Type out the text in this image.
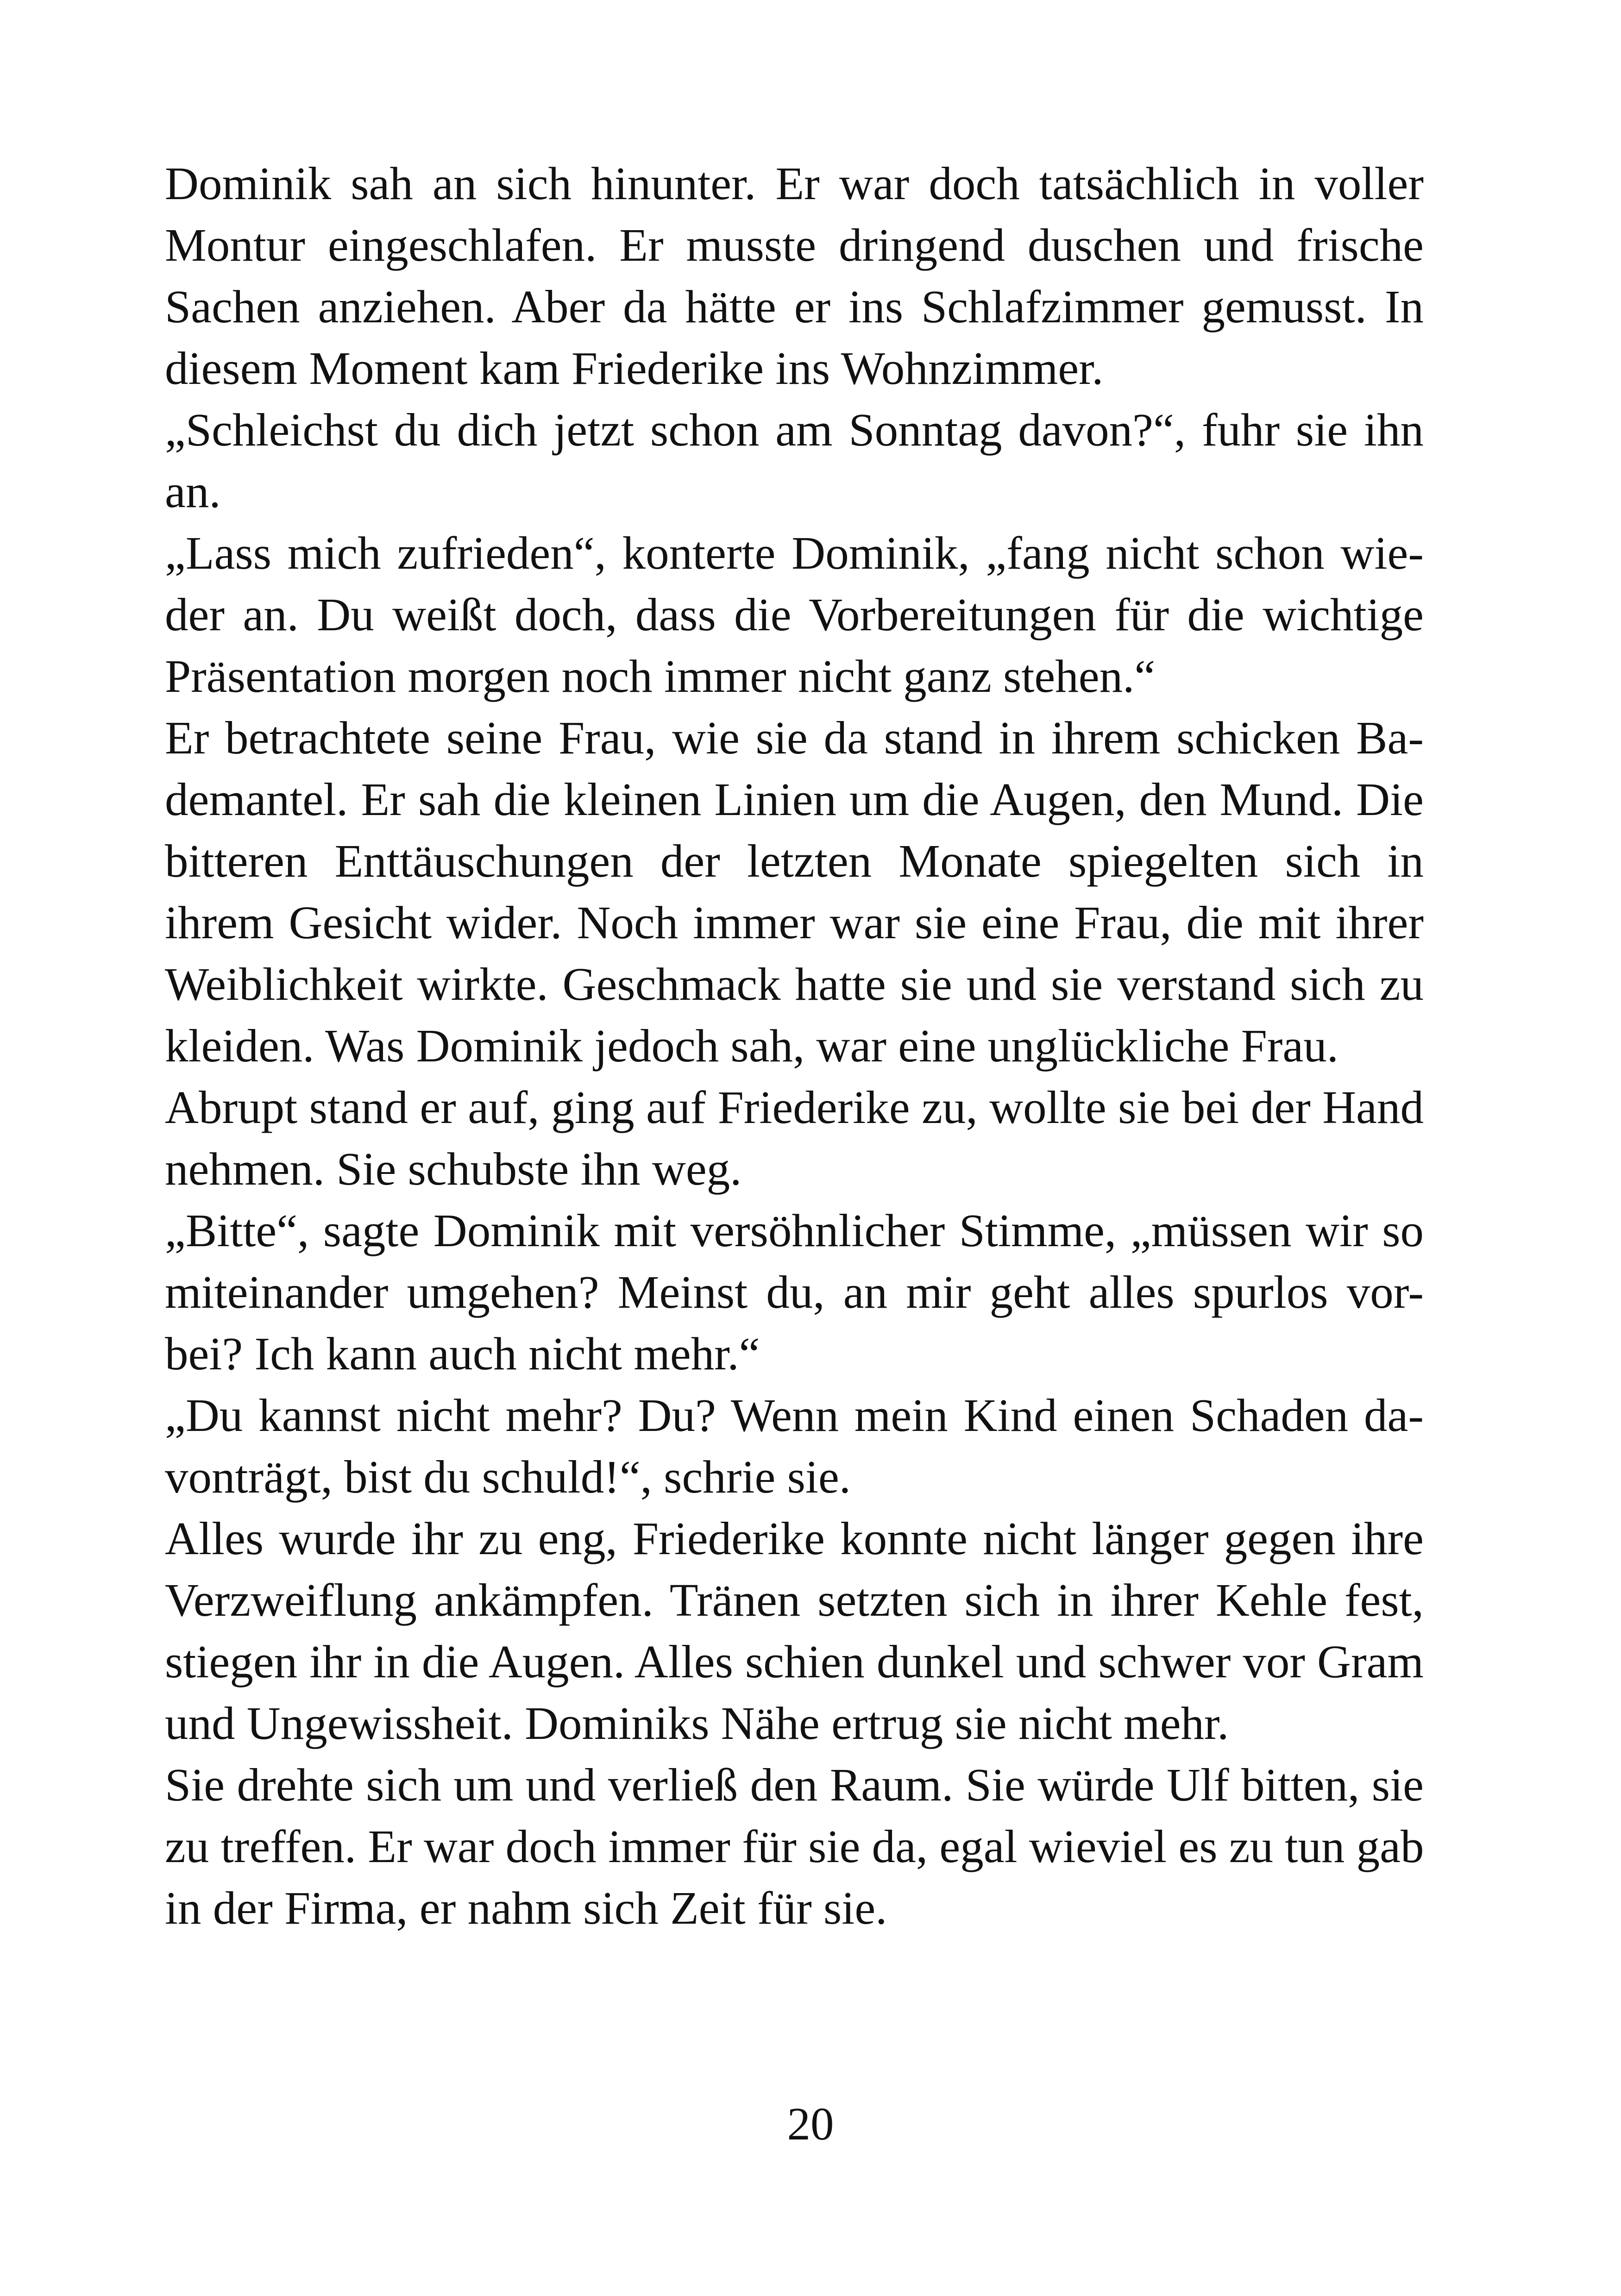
Dominik sah an sich hinunter. Er war doch tatsächlich in voller
Montur eingeschlafen. Er musste dringend duschen und frische
Sachen anziehen. Aber da hätte er ins Schlafzimmer gemusst. In
diesem Moment kam Friederike ins Wohnzimmer.
„Schleichst du dich jetzt schon am Sonntag davon?“, fuhr sie ihn
an.
„Lass mich zufrieden“, konterte Dominik, „fang nicht schon wie-
der an. Du weißt doch, dass die Vorbereitungen für die wichtige
Präsentation morgen noch immer nicht ganz stehen.“
Er betrachtete seine Frau, wie sie da stand in ihrem schicken Ba-
demantel. Er sah die kleinen Linien um die Augen, den Mund. Die
bitteren Enttäuschungen der letzten Monate spiegelten sich in
ihrem Gesicht wider. Noch immer war sie eine Frau, die mit ihrer
Weiblichkeit wirkte. Geschmack hatte sie und sie verstand sich zu
kleiden. Was Dominik jedoch sah, war eine unglückliche Frau.
Abrupt stand er auf, ging auf Friederike zu, wollte sie bei der Hand
nehmen. Sie schubste ihn weg.
„Bitte“, sagte Dominik mit versöhnlicher Stimme, „müssen wir so
miteinander umgehen? Meinst du, an mir geht alles spurlos vor-
bei? Ich kann auch nicht mehr.“
„Du kannst nicht mehr? Du? Wenn mein Kind einen Schaden da-
vonträgt, bist du schuld!“, schrie sie.
Alles wurde ihr zu eng, Friederike konnte nicht länger gegen ihre
Verzweiflung ankämpfen. Tränen setzten sich in ihrer Kehle fest,
stiegen ihr in die Augen. Alles schien dunkel und schwer vor Gram
und Ungewissheit. Dominiks Nähe ertrug sie nicht mehr.
Sie drehte sich um und verließ den Raum. Sie würde Ulf bitten, sie
zu treffen. Er war doch immer für sie da, egal wieviel es zu tun gab
in der Firma, er nahm sich Zeit für sie.
20
